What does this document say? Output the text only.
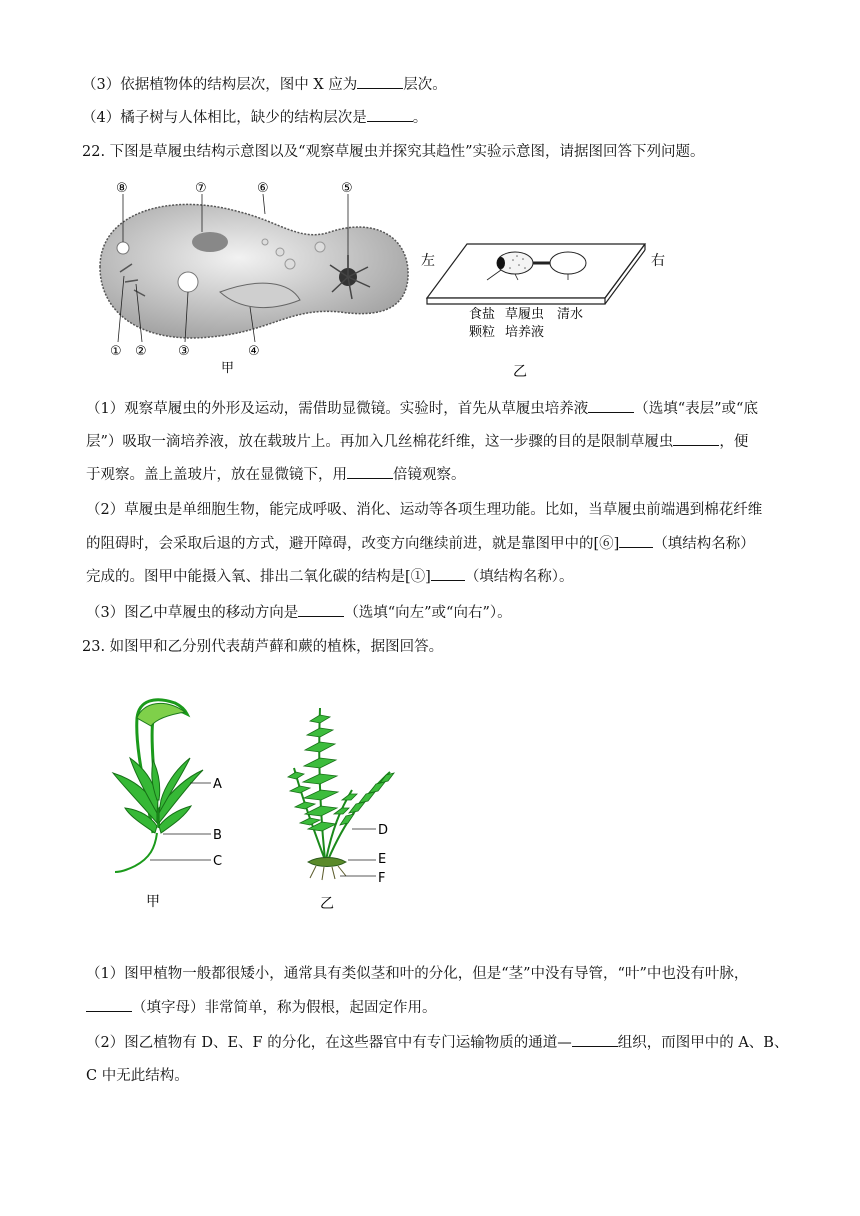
（3）依据植物体的结构层次，图中 X 应为	层次。
（4）橘子树与人体相比，缺少的结构层次是	。
22. 下图是草履虫结构示意图以及“观察草履虫并探究其趋性”实验示意图，请据图回答下列问题。
⑧	⑦	⑥	⑤
① ② ③	④
甲
左	右
食盐
颗粒
草履虫
培养液
清水
乙
（1）观察草履虫的外形及运动，需借助显微镜。实验时，首先从草履虫培养液	（选填“表层”或“底
层”）吸取一滴培养液，放在载玻片上。再加入几丝棉花纤维，这一步骤的目的是限制草履虫	，便
于观察。盖上盖玻片，放在显微镜下，用	倍镜观察。
（2）草履虫是单细胞生物，能完成呼吸、消化、运动等各项生理功能。比如，当草履虫前端遇到棉花纤维
的阻碍时，会采取后退的方式，避开障碍，改变方向继续前进，就是靠图甲中的[⑥] （填结构名称）
完成的。图甲中能摄入氧、排出二氧化碳的结构是[①] （填结构名称）。
（3）图乙中草履虫的移动方向是	（选填“向左”或“向右”）。
23. 如图甲和乙分别代表葫芦藓和蕨的植株，据图回答。
A
B
C
甲
D
E
F
乙
（1）图甲植物一般都很矮小，通常具有类似茎和叶的分化，但是“茎”中没有导管，“叶”中也没有叶脉，
（填字母）非常简单，称为假根，起固定作用。
（2）图乙植物有 D、E、F 的分化，在这些器官中有专门运输物质的通道—	组织，而图甲中的 A、B、
C 中无此结构。
